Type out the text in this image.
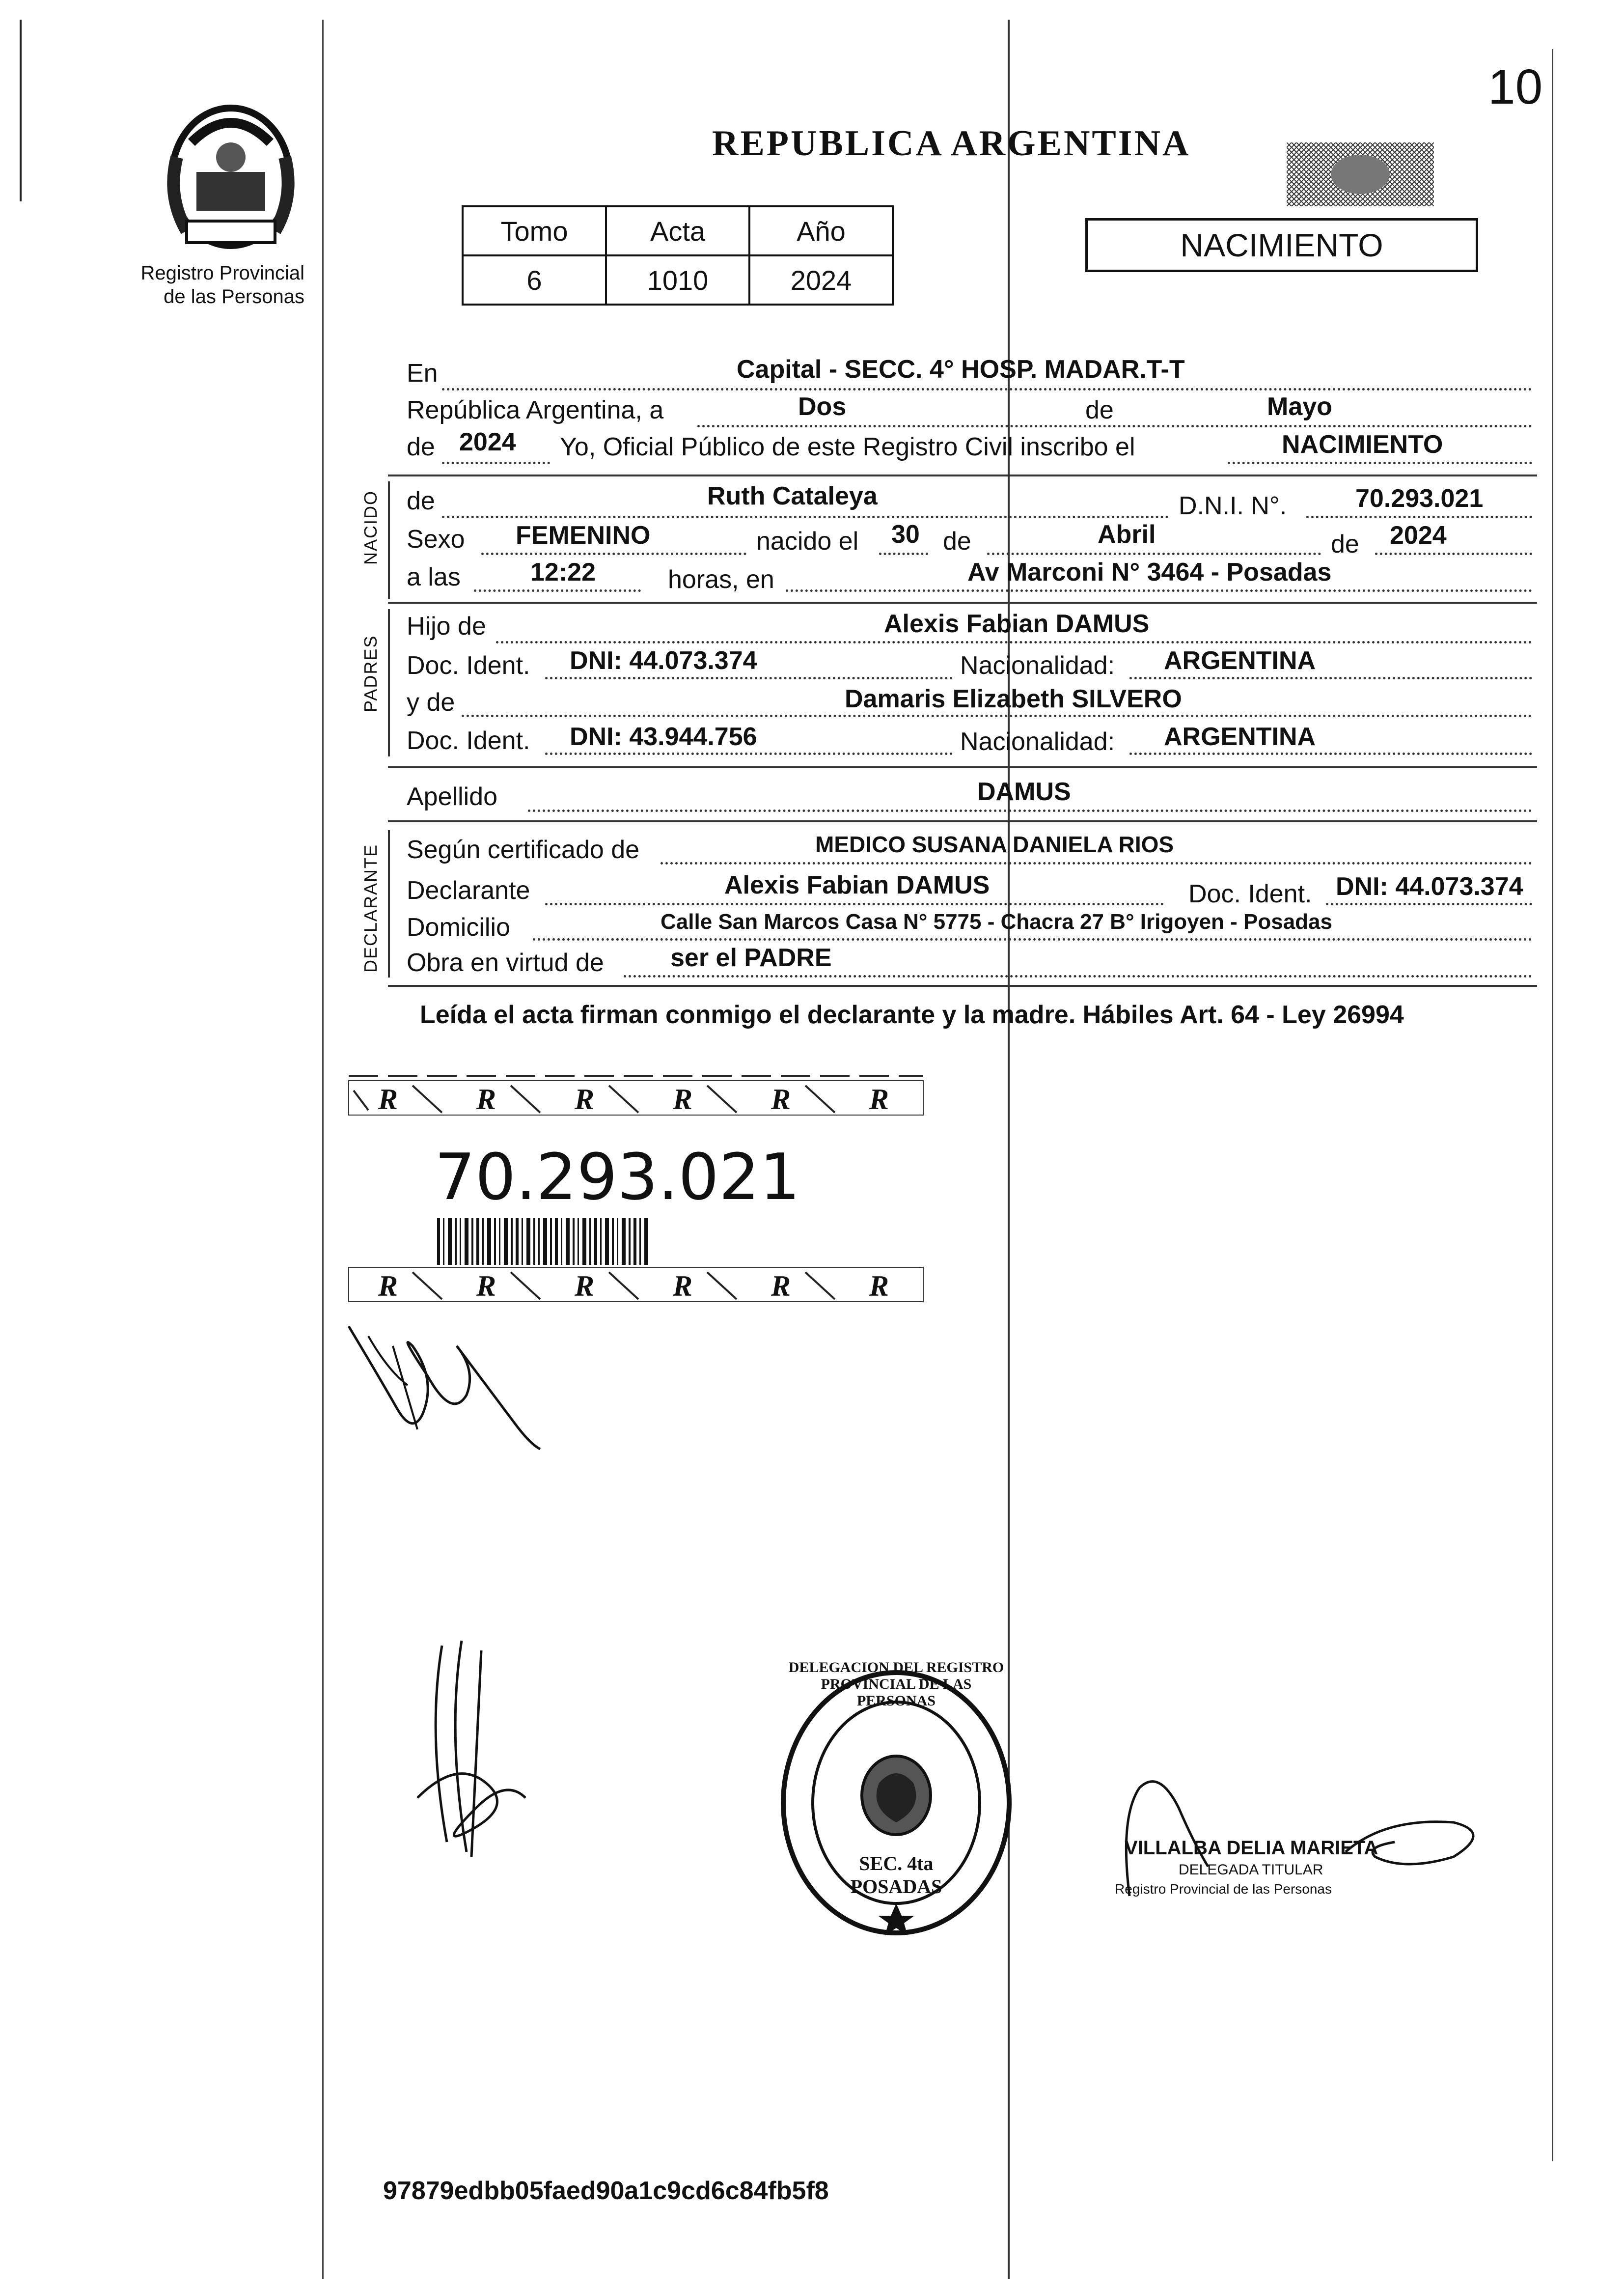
10
Registro Provincial
de las Personas
REPUBLICA ARGENTINA
Tomo	Acta	Año
6	1010	2024
NACIMIENTO
En	Capital - SECC. 4° HOSP. MADAR.T-T
República Argentina, a	Dos	de	Mayo
de 2024 Yo, Oficial Público de este Registro Civil inscribo el	NACIMIENTO
NACIDO de	Ruth Cataleya	D.N.I. N°.	70.293.021
Sexo FEMENINO	nacido el 30 de	Abril	de 2024
a las	12:22	horas, en	Av Marconi N° 3464 - Posadas
PADRES
Hijo de	Alexis Fabian DAMUS
Doc. Ident. DNI: 44.073.374	Nacionalidad: ARGENTINA
y de	Damaris Elizabeth SILVERO
Doc. Ident. DNI: 43.944.756	Nacionalidad: ARGENTINA
Apellido	DAMUS
DECLARANTE Según certificado de	MEDICO SUSANA DANIELA RIOS
Declarante	Alexis Fabian DAMUS	Doc. Ident. DNI: 44.073.374
Domicilio	Calle San Marcos Casa N° 5775 - Chacra 27 B° Irigoyen - Posadas
Obra en virtud de	ser el PADRE
Leída el acta firman conmigo el declarante y la madre. Hábiles Art. 64 - Ley 26994
R	R	R	R	R	R
R	R	R	R	R	R
70.293.021
DELEGACION DEL REGISTRO PROVINCIAL DE LAS PERSONAS
SEC. 4ta POSADAS
VILLALBA DELIA MARIETA
DELEGADA TITULAR
Registro Provincial de las Personas
97879edbb05faed90a1c9cd6c84fb5f8
